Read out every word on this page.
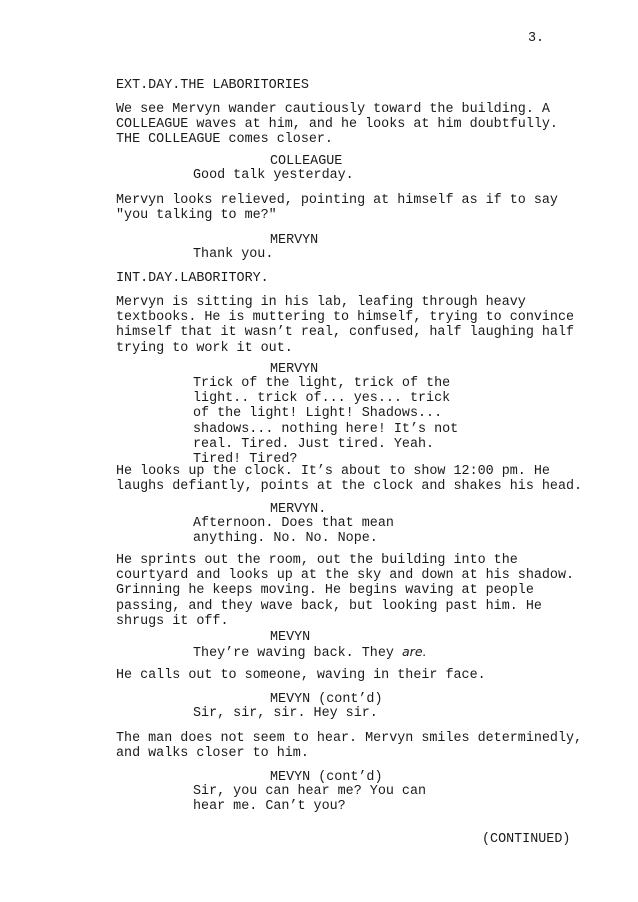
3.
EXT.DAY.THE LABORITORIES
We see Mervyn wander cautiously toward the building. A
COLLEAGUE waves at him, and he looks at him doubtfully.
THE COLLEAGUE comes closer.
COLLEAGUE
Good talk yesterday.
Mervyn looks relieved, pointing at himself as if to say
"you talking to me?"
MERVYN
Thank you.
INT.DAY.LABORITORY.
Mervyn is sitting in his lab, leafing through heavy
textbooks. He is muttering to himself, trying to convince
himself that it wasn’t real, confused, half laughing half
trying to work it out.
MERVYN
Trick of the light, trick of the
light.. trick of... yes... trick
of the light! Light! Shadows...
shadows... nothing here! It’s not
real. Tired. Just tired. Yeah.
Tired! Tired?
He looks up the clock. It’s about to show 12:00 pm. He
laughs defiantly, points at the clock and shakes his head.
MERVYN.
Afternoon. Does that mean
anything. No. No. Nope.
He sprints out the room, out the building into the
courtyard and looks up at the sky and down at his shadow.
Grinning he keeps moving. He begins waving at people
passing, and they wave back, but looking past him. He
shrugs it off.
MEVYN
They’re waving back. They are.
He calls out to someone, waving in their face.
MEVYN (cont’d)
Sir, sir, sir. Hey sir.
The man does not seem to hear. Mervyn smiles determinedly,
and walks closer to him.
MEVYN (cont’d)
Sir, you can hear me? You can
hear me. Can’t you?
(CONTINUED)
